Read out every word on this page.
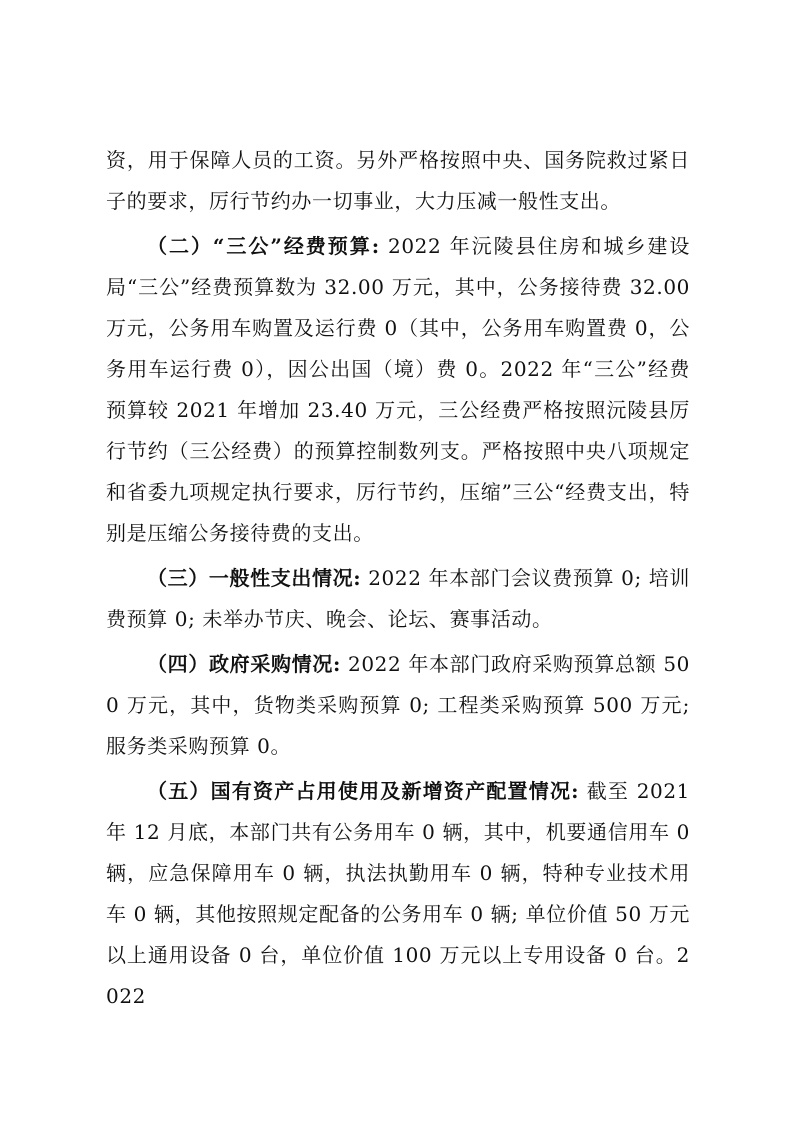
资，用于保障人员的工资。另外严格按照中央、国务院救过紧日子的要求，厉行节约办一切事业，大力压减一般性支出。

（二）“三公”经费预算: 2022 年沅陵县住房和城乡建设局“三公”经费预算数为 32.00 万元，其中，公务接待费 32.00 万元，公务用车购置及运行费 0（其中，公务用车购置费 0，公务用车运行费 0），因公出国（境）费 0。2022 年“三公”经费预算较 2021 年增加 23.40 万元，三公经费严格按照沅陵县厉行节约（三公经费）的预算控制数列支。严格按照中央八项规定和省委九项规定执行要求，厉行节约，压缩”三公“经费支出，特别是压缩公务接待费的支出。

（三）一般性支出情况: 2022 年本部门会议费预算 0; 培训费预算 0; 未举办节庆、晚会、论坛、赛事活动。

（四）政府采购情况: 2022 年本部门政府采购预算总额 500 万元，其中，货物类采购预算 0; 工程类采购预算 500 万元; 服务类采购预算 0。

（五）国有资产占用使用及新增资产配置情况: 截至 2021 年 12 月底，本部门共有公务用车 0 辆，其中，机要通信用车 0 辆，应急保障用车 0 辆，执法执勤用车 0 辆，特种专业技术用车 0 辆，其他按照规定配备的公务用车 0 辆; 单位价值 50 万元以上通用设备 0 台，单位价值 100 万元以上专用设备 0 台。2022
